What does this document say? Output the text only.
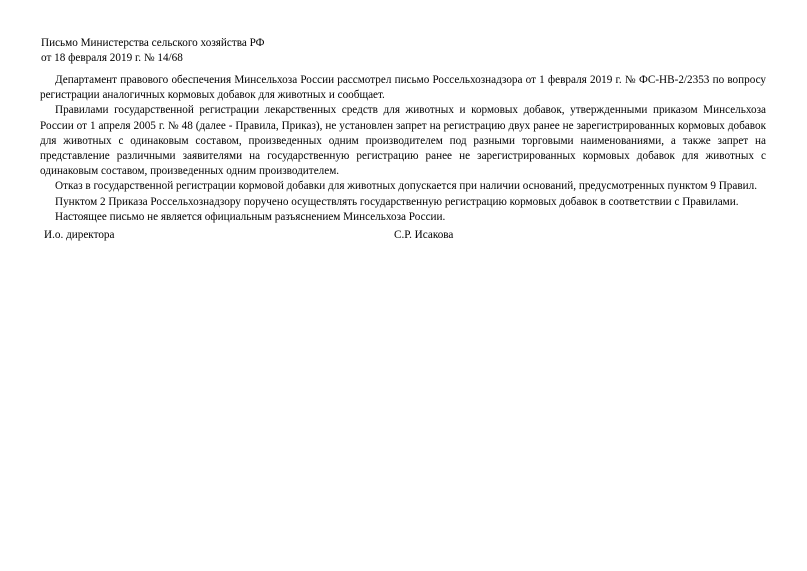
Письмо Министерства сельского хозяйства РФ
от 18 февраля 2019 г. № 14/68

Департамент правового обеспечения Минсельхоза России рассмотрел письмо Россельхознадзора от 1 февраля 2019 г. № ФС-НВ-2/2353 по вопросу регистрации аналогичных кормовых добавок для животных и сообщает.

Правилами государственной регистрации лекарственных средств для животных и кормовых добавок, утвержденными приказом Минсельхоза России от 1 апреля 2005 г. № 48 (далее - Правила, Приказ), не установлен запрет на регистрацию двух ранее не зарегистрированных кормовых добавок для животных с одинаковым составом, произведенных одним производителем под разными торговыми наименованиями, а также запрет на представление различными заявителями на государственную регистрацию ранее не зарегистрированных кормовых добавок для животных с одинаковым составом, произведенных одним производителем.

Отказ в государственной регистрации кормовой добавки для животных допускается при наличии оснований, предусмотренных пунктом 9 Правил.

Пунктом 2 Приказа Россельхознадзору поручено осуществлять государственную регистрацию кормовых добавок в соответствии с Правилами.

Настоящее письмо не является официальным разъяснением Минсельхоза России.

И.о. директора	С.Р. Исакова
